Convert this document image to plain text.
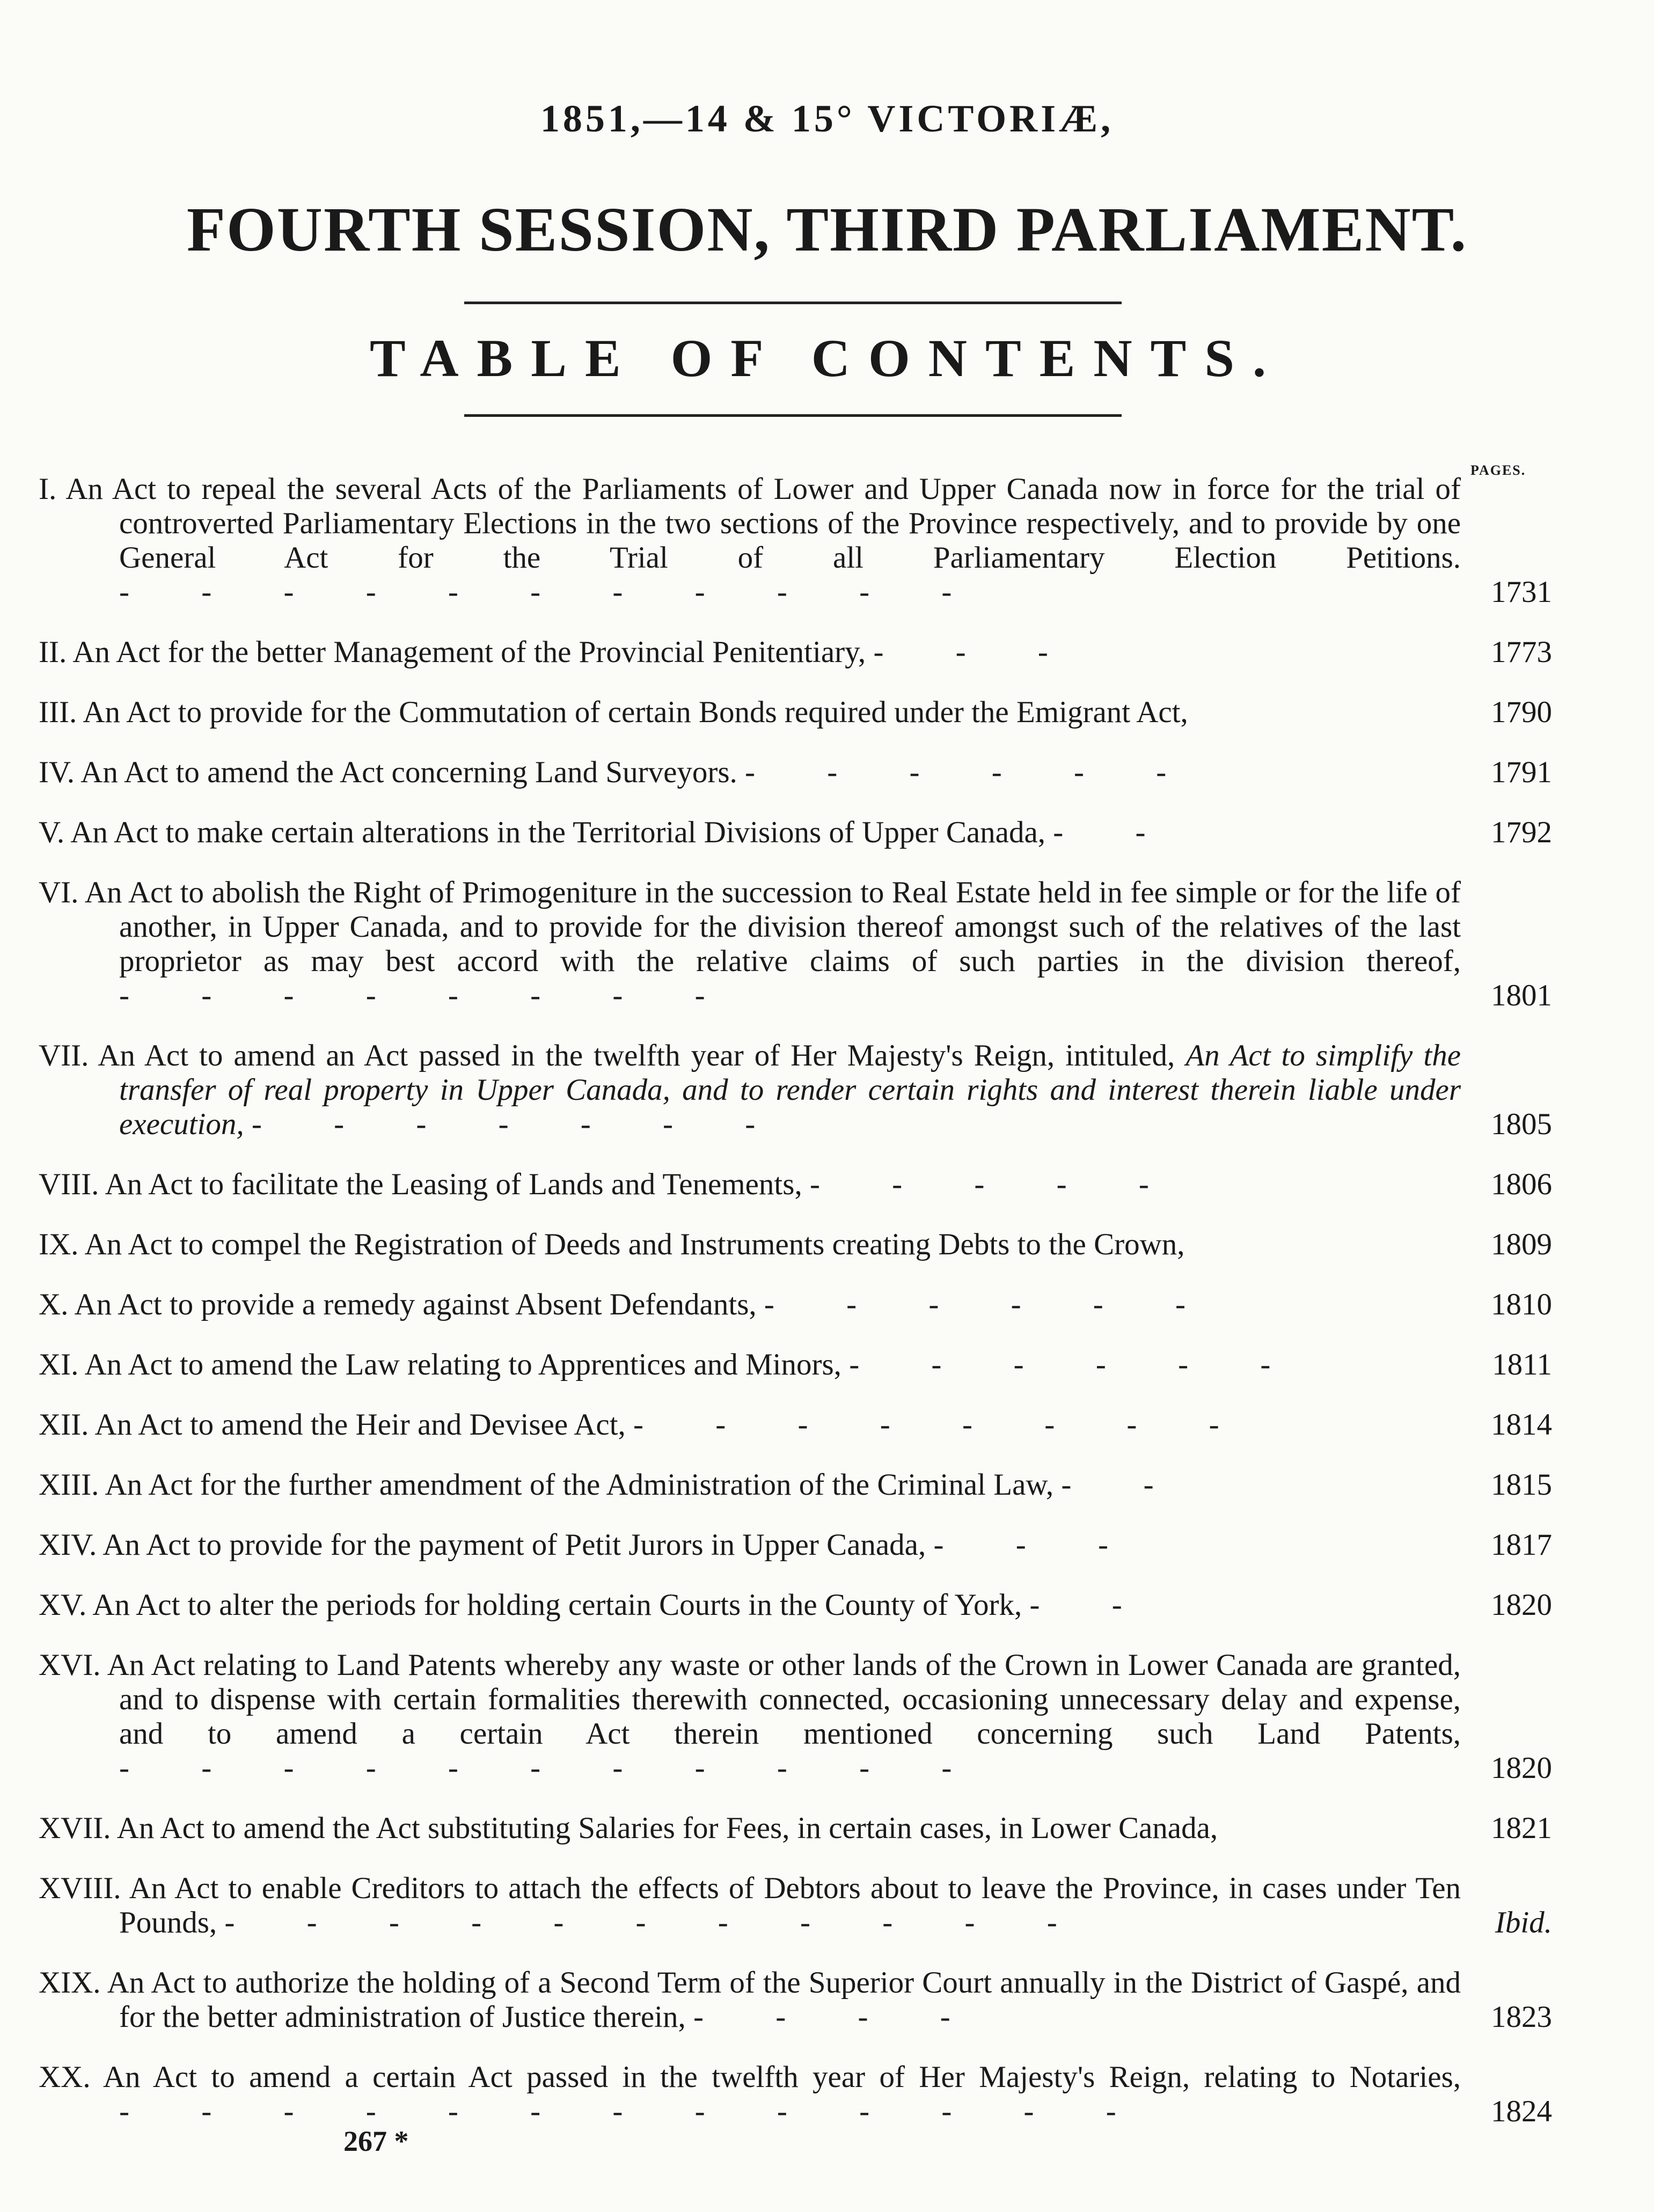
1851,—14 & 15° VICTORIÆ,
FOURTH SESSION, THIRD PARLIAMENT.
TABLE OF CONTENTS.
PAGES.
I. An Act to repeal the several Acts of the Parliaments of Lower and Upper Canada now in force for the trial of controverted Parliamentary Elections in the two sections of the Province respectively, and to provide by one General Act for the Trial of all Parliamentary Election Petitions. - - - - - - - - - - -	1731
II. An Act for the better Management of the Provincial Penitentiary, - - -	1773
III. An Act to provide for the Commutation of certain Bonds required under the Emigrant Act,	1790
IV. An Act to amend the Act concerning Land Surveyors. - - - - - -	1791
V. An Act to make certain alterations in the Territorial Divisions of Upper Canada, - -	1792
VI. An Act to abolish the Right of Primogeniture in the succession to Real Estate held in fee simple or for the life of another, in Upper Canada, and to provide for the division thereof amongst such of the relatives of the last proprietor as may best accord with the relative claims of such parties in the division thereof, - - - - - - - -	1801
VII. An Act to amend an Act passed in the twelfth year of Her Majesty's Reign, intituled, An Act to simplify the transfer of real property in Upper Canada, and to render certain rights and interest therein liable under execution, - - - - - - -	1805
VIII. An Act to facilitate the Leasing of Lands and Tenements, - - - - -	1806
IX. An Act to compel the Registration of Deeds and Instruments creating Debts to the Crown,	1809
X. An Act to provide a remedy against Absent Defendants, - - - - - -	1810
XI. An Act to amend the Law relating to Apprentices and Minors, - - - - - -	1811
XII. An Act to amend the Heir and Devisee Act, - - - - - - - -	1814
XIII. An Act for the further amendment of the Administration of the Criminal Law, - -	1815
XIV. An Act to provide for the payment of Petit Jurors in Upper Canada, - - -	1817
XV. An Act to alter the periods for holding certain Courts in the County of York, - -	1820
XVI. An Act relating to Land Patents whereby any waste or other lands of the Crown in Lower Canada are granted, and to dispense with certain formalities therewith connected, occasioning unnecessary delay and expense, and to amend a certain Act therein mentioned concerning such Land Patents, - - - - - - - - - - -	1820
XVII. An Act to amend the Act substituting Salaries for Fees, in certain cases, in Lower Canada,	1821
XVIII. An Act to enable Creditors to attach the effects of Debtors about to leave the Province, in cases under Ten Pounds, - - - - - - - - - - -	Ibid.
XIX. An Act to authorize the holding of a Second Term of the Superior Court annually in the District of Gaspé, and for the better administration of Justice therein, - - - -	1823
XX. An Act to amend a certain Act passed in the twelfth year of Her Majesty's Reign, relating to Notaries, - - - - - - - - - - - - -	1824
267 *
